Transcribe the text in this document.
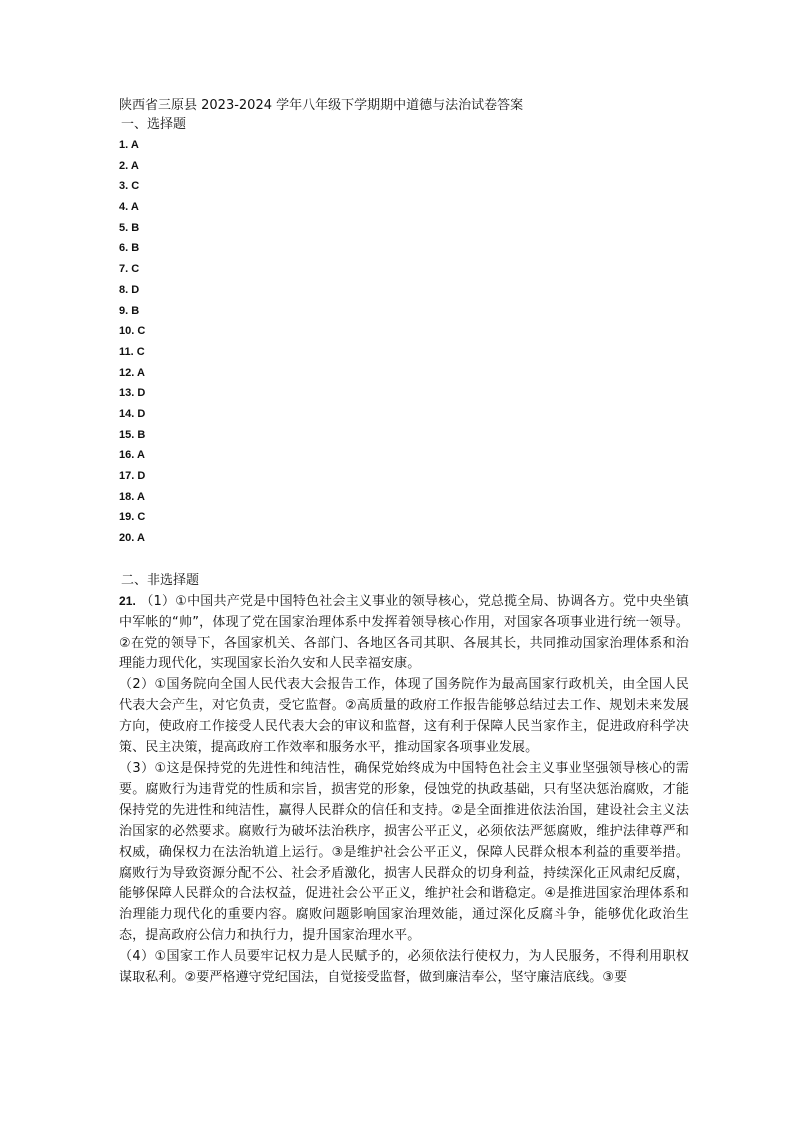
陕西省三原县 2023-2024 学年八年级下学期期中道德与法治试卷答案

一、选择题

1. A
2. A
3. C
4. A
5. B
6. B
7. C
8. D
9. B
10. C
11. C
12. A
13. D
14. D
15. B
16. A
17. D
18. A
19. C
20. A

二、非选择题

21. （1）①中国共产党是中国特色社会主义事业的领导核心，党总揽全局、协调各方。党中央坐镇中军帐的“帅”，体现了党在国家治理体系中发挥着领导核心作用，对国家各项事业进行统一领导。②在党的领导下，各国家机关、各部门、各地区各司其职、各展其长，共同推动国家治理体系和治理能力现代化，实现国家长治久安和人民幸福安康。

（2）①国务院向全国人民代表大会报告工作，体现了国务院作为最高国家行政机关，由全国人民代表大会产生，对它负责，受它监督。②高质量的政府工作报告能够总结过去工作、规划未来发展方向，使政府工作接受人民代表大会的审议和监督，这有利于保障人民当家作主，促进政府科学决策、民主决策，提高政府工作效率和服务水平，推动国家各项事业发展。

（3）①这是保持党的先进性和纯洁性，确保党始终成为中国特色社会主义事业坚强领导核心的需要。腐败行为违背党的性质和宗旨，损害党的形象，侵蚀党的执政基础，只有坚决惩治腐败，才能保持党的先进性和纯洁性，赢得人民群众的信任和支持。②是全面推进依法治国，建设社会主义法治国家的必然要求。腐败行为破坏法治秩序，损害公平正义，必须依法严惩腐败，维护法律尊严和权威，确保权力在法治轨道上运行。③是维护社会公平正义，保障人民群众根本利益的重要举措。腐败行为导致资源分配不公、社会矛盾激化，损害人民群众的切身利益，持续深化正风肃纪反腐，能够保障人民群众的合法权益，促进社会公平正义，维护社会和谐稳定。④是推进国家治理体系和治理能力现代化的重要内容。腐败问题影响国家治理效能，通过深化反腐斗争，能够优化政治生态，提高政府公信力和执行力，提升国家治理水平。

（4）①国家工作人员要牢记权力是人民赋予的，必须依法行使权力，为人民服务，不得利用职权谋取私利。②要严格遵守党纪国法，自觉接受监督，做到廉洁奉公，坚守廉洁底线。③要
